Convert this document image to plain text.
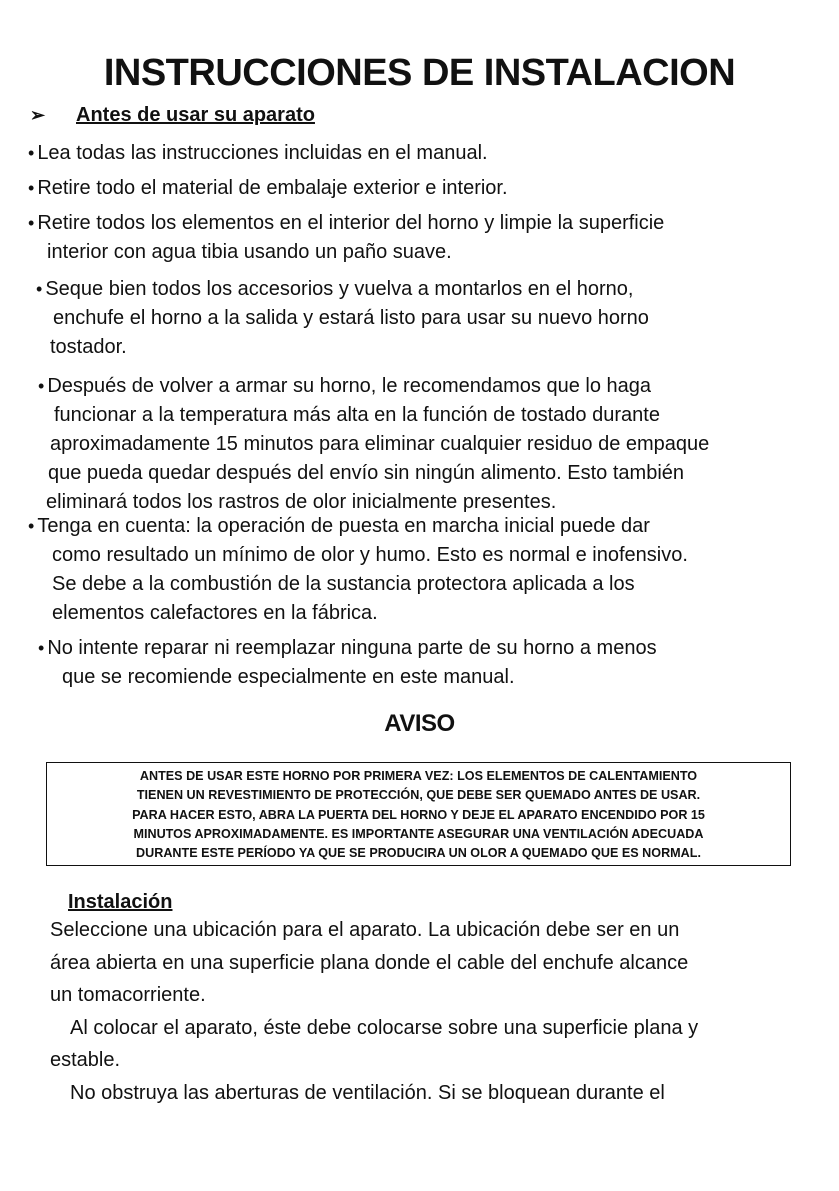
INSTRUCCIONES DE INSTALACION
➢ Antes de usar su aparato
• Lea todas las instrucciones incluidas en el manual.
• Retire todo el material de embalaje exterior e interior.
• Retire todos los elementos en el interior del horno y limpie la superficie
interior con agua tibia usando un paño suave.
• Seque bien todos los accesorios y vuelva a montarlos en el horno,
enchufe el horno a la salida y estará listo para usar su nuevo horno
tostador.
• Después de volver a armar su horno, le recomendamos que lo haga
funcionar a la temperatura más alta en la función de tostado durante
aproximadamente 15 minutos para eliminar cualquier residuo de empaque
que pueda quedar después del envío sin ningún alimento. Esto también
eliminará todos los rastros de olor inicialmente presentes.
• Tenga en cuenta: la operación de puesta en marcha inicial puede dar
como resultado un mínimo de olor y humo. Esto es normal e inofensivo.
Se debe a la combustión de la sustancia protectora aplicada a los
elementos calefactores en la fábrica.
• No intente reparar ni reemplazar ninguna parte de su horno a menos
que se recomiende especialmente en este manual.
AVISO
ANTES DE USAR ESTE HORNO POR PRIMERA VEZ: LOS ELEMENTOS DE CALENTAMIENTO
TIENEN UN REVESTIMIENTO DE PROTECCIÓN, QUE DEBE SER QUEMADO ANTES DE USAR.
PARA HACER ESTO, ABRA LA PUERTA DEL HORNO Y DEJE EL APARATO ENCENDIDO POR 15
MINUTOS APROXIMADAMENTE. ES IMPORTANTE ASEGURAR UNA VENTILACIÓN ADECUADA
DURANTE ESTE PERÍODO YA QUE SE PRODUCIRA UN OLOR A QUEMADO QUE ES NORMAL.
Instalación
Seleccione una ubicación para el aparato. La ubicación debe ser en un
área abierta en una superficie plana donde el cable del enchufe alcance
un tomacorriente.
Al colocar el aparato, éste debe colocarse sobre una superficie plana y
estable.
No obstruya las aberturas de ventilación. Si se bloquean durante el
